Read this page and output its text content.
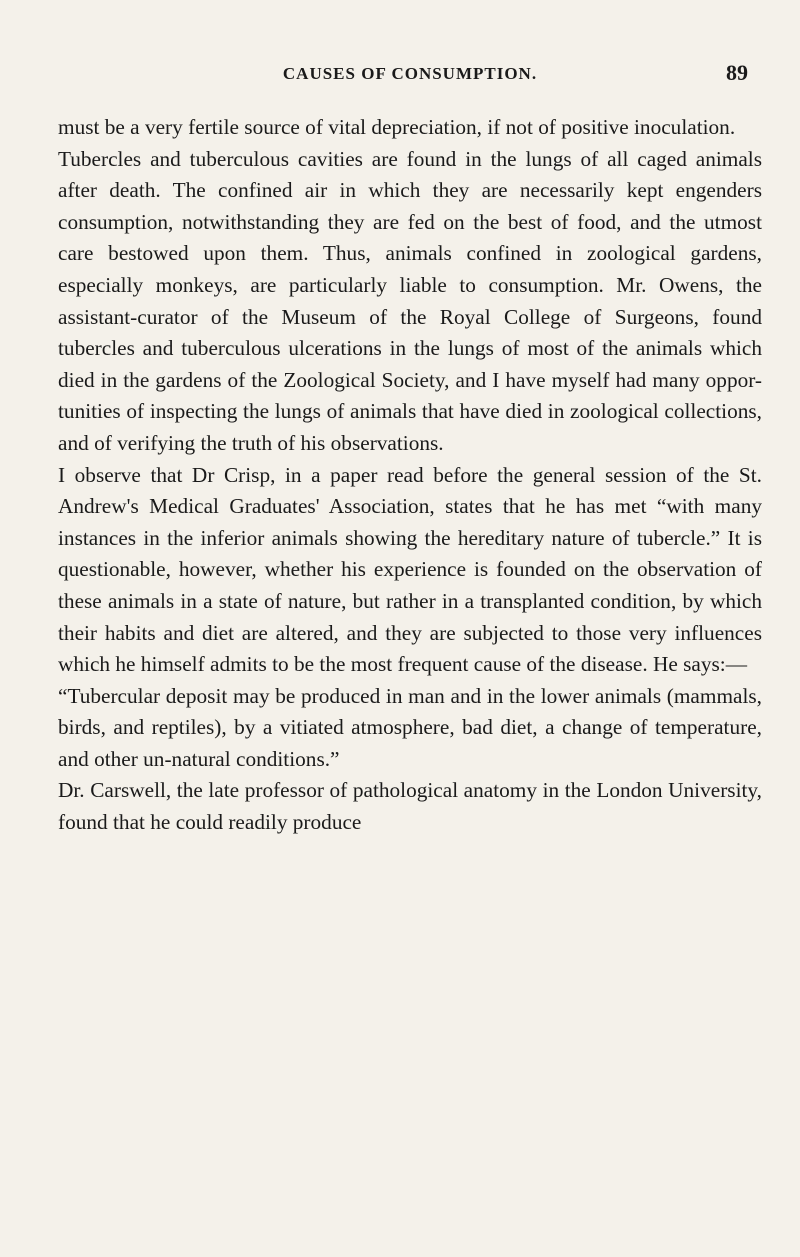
CAUSES OF CONSUMPTION.	89

must be a very fertile source of vital depreciation, if not of positive inoculation.

Tubercles and tuberculous cavities are found in the lungs of all caged animals after death. The confined air in which they are necessarily kept engenders consumption, notwithstanding they are fed on the best of food, and the utmost care bestowed upon them. Thus, animals confined in zoological gardens, especially monkeys, are particularly liable to consumption. Mr. Owens, the assistant-curator of the Museum of the Royal College of Surgeons, found tubercles and tuberculous ulcerations in the lungs of most of the animals which died in the gardens of the Zoological Society, and I have myself had many oppor-tunities of inspecting the lungs of animals that have died in zoological collections, and of verifying the truth of his observations.

I observe that Dr Crisp, in a paper read before the general session of the St. Andrew's Medical Graduates' Association, states that he has met “with many instances in the inferior animals showing the hereditary nature of tubercle.” It is questionable, however, whether his experience is founded on the observation of these animals in a state of nature, but rather in a transplanted condition, by which their habits and diet are altered, and they are subjected to those very influences which he himself admits to be the most frequent cause of the disease. He says:—

“Tubercular deposit may be produced in man and in the lower animals (mammals, birds, and reptiles), by a vitiated atmosphere, bad diet, a change of temperature, and other un-natural conditions.”

Dr. Carswell, the late professor of pathological anatomy in the London University, found that he could readily produce
